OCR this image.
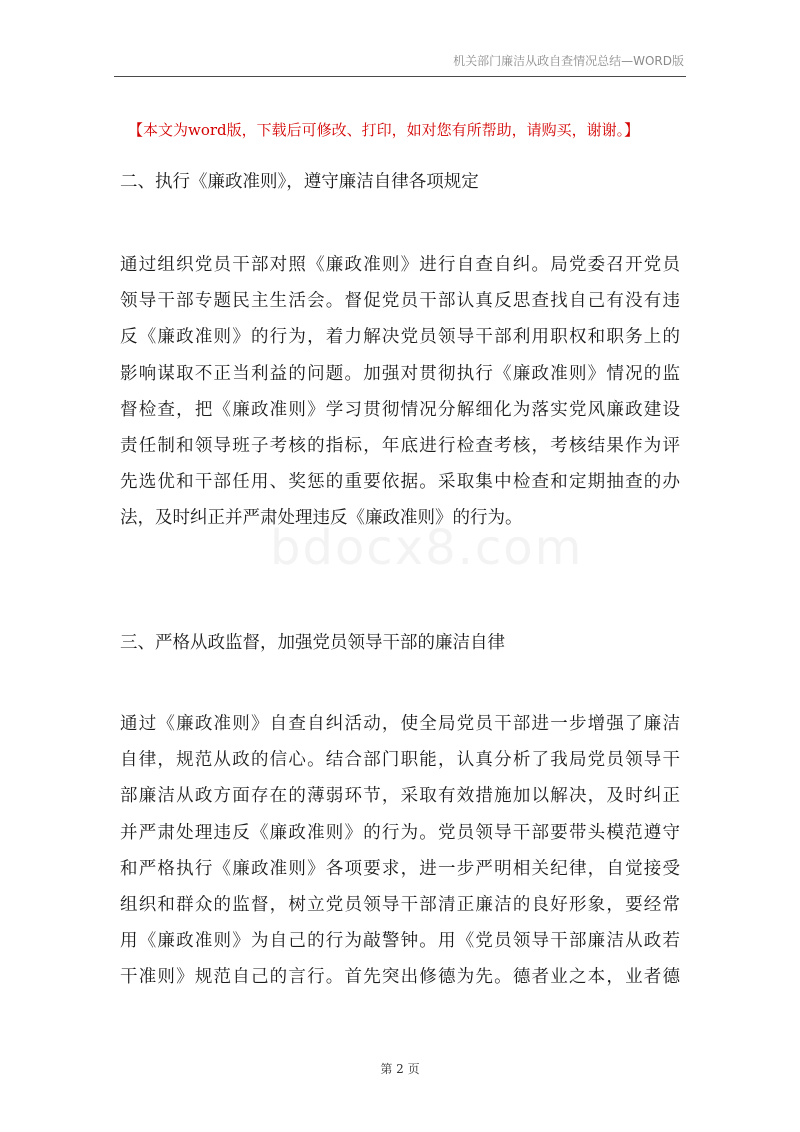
机关部门廉洁从政自查情况总结—WORD版
【本文为word版，下载后可修改、打印，如对您有所帮助，请购买，谢谢。】
bdocx8.com
二、执行《廉政准则》，遵守廉洁自律各项规定
通过组织党员干部对照《廉政准则》进行自查自纠。局党委召开党员
领导干部专题民主生活会。督促党员干部认真反思查找自己有没有违
反《廉政准则》的行为，着力解决党员领导干部利用职权和职务上的
影响谋取不正当利益的问题。加强对贯彻执行《廉政准则》情况的监
督检查，把《廉政准则》学习贯彻情况分解细化为落实党风廉政建设
责任制和领导班子考核的指标，年底进行检查考核，考核结果作为评
先选优和干部任用、奖惩的重要依据。采取集中检查和定期抽查的办
法，及时纠正并严肃处理违反《廉政准则》的行为。
三、严格从政监督，加强党员领导干部的廉洁自律
通过《廉政准则》自查自纠活动，使全局党员干部进一步增强了廉洁
自律，规范从政的信心。结合部门职能，认真分析了我局党员领导干
部廉洁从政方面存在的薄弱环节，采取有效措施加以解决，及时纠正
并严肃处理违反《廉政准则》的行为。党员领导干部要带头模范遵守
和严格执行《廉政准则》各项要求，进一步严明相关纪律，自觉接受
组织和群众的监督，树立党员领导干部清正廉洁的良好形象，要经常
用《廉政准则》为自己的行为敲警钟。用《党员领导干部廉洁从政若
干准则》规范自己的言行。首先突出修德为先。德者业之本，业者德
第 2 页
